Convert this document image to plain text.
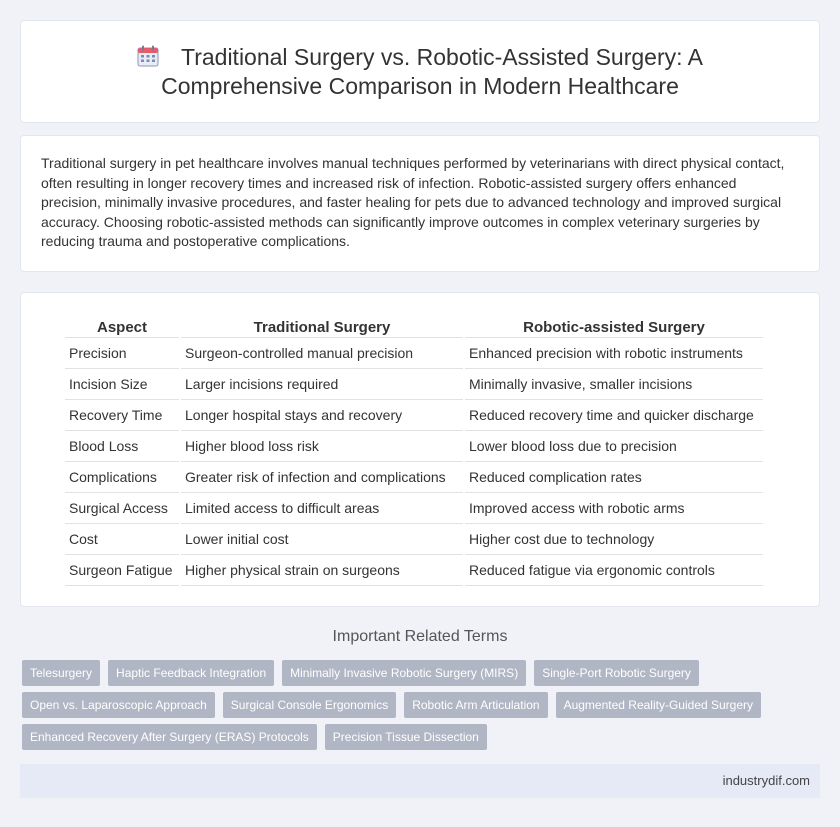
Traditional Surgery vs. Robotic-Assisted Surgery: A Comprehensive Comparison in Modern Healthcare

Traditional surgery in pet healthcare involves manual techniques performed by veterinarians with direct physical contact, often resulting in longer recovery times and increased risk of infection. Robotic-assisted surgery offers enhanced precision, minimally invasive procedures, and faster healing for pets due to advanced technology and improved surgical accuracy. Choosing robotic-assisted methods can significantly improve outcomes in complex veterinary surgeries by reducing trauma and postoperative complications.

Aspect	Traditional Surgery	Robotic-assisted Surgery
Precision	Surgeon-controlled manual precision	Enhanced precision with robotic instruments
Incision Size	Larger incisions required	Minimally invasive, smaller incisions
Recovery Time	Longer hospital stays and recovery	Reduced recovery time and quicker discharge
Blood Loss	Higher blood loss risk	Lower blood loss due to precision
Complications	Greater risk of infection and complications	Reduced complication rates
Surgical Access	Limited access to difficult areas	Improved access with robotic arms
Cost	Lower initial cost	Higher cost due to technology
Surgeon Fatigue	Higher physical strain on surgeons	Reduced fatigue via ergonomic controls
Important Related Terms
Telesurgery	Haptic Feedback Integration	Minimally Invasive Robotic Surgery (MIRS)	Single-Port Robotic Surgery
Open vs. Laparoscopic Approach	Surgical Console Ergonomics	Robotic Arm Articulation	Augmented Reality-Guided Surgery
Enhanced Recovery After Surgery (ERAS) Protocols	Precision Tissue Dissection
industrydif.com
